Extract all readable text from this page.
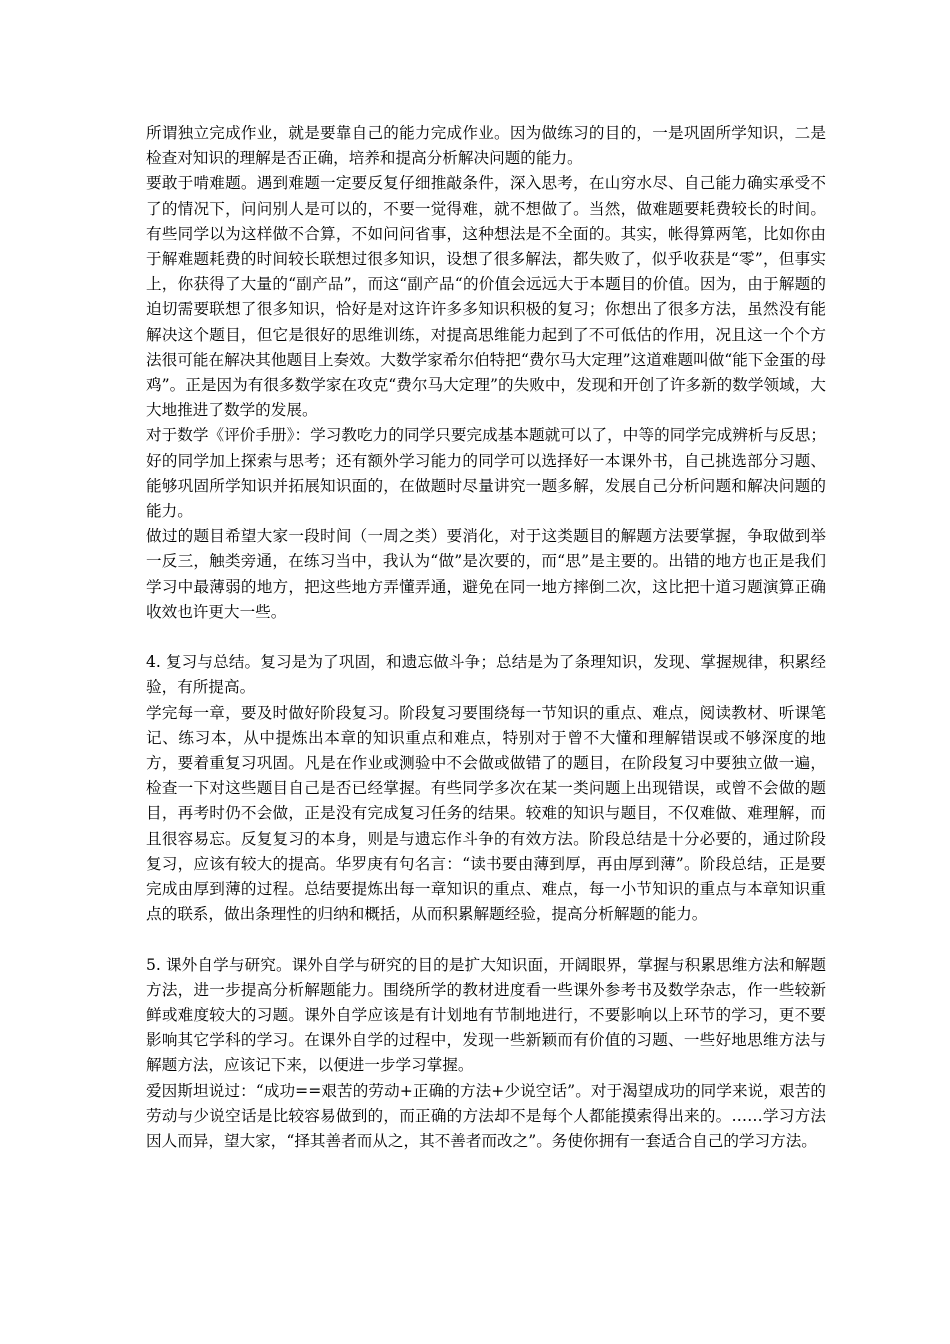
所谓独立完成作业，就是要靠自己的能力完成作业。因为做练习的目的，一是巩固所学知识，二是检查对知识的理解是否正确，培养和提高分析解决问题的能力。

要敢于啃难题。遇到难题一定要反复仔细推敲条件，深入思考，在山穷水尽、自己能力确实承受不了的情况下，问问别人是可以的，不要一觉得难，就不想做了。当然，做难题要耗费较长的时间。有些同学以为这样做不合算，不如问问省事，这种想法是不全面的。其实，帐得算两笔，比如你由于解难题耗费的时间较长联想过很多知识，设想了很多解法，都失败了，似乎收获是“零”，但事实上，你获得了大量的“副产品”，而这“副产品“的价值会远远大于本题目的价值。因为，由于解题的迫切需要联想了很多知识，恰好是对这许许多多知识积极的复习；你想出了很多方法，虽然没有能解决这个题目，但它是很好的思维训练，对提高思维能力起到了不可低估的作用，况且这一个个方法很可能在解决其他题目上奏效。大数学家希尔伯特把“费尔马大定理”这道难题叫做“能下金蛋的母鸡”。正是因为有很多数学家在攻克“费尔马大定理”的失败中，发现和开创了许多新的数学领域，大大地推进了数学的发展。

对于数学《评价手册》：学习教吃力的同学只要完成基本题就可以了，中等的同学完成辨析与反思；好的同学加上探索与思考；还有额外学习能力的同学可以选择好一本课外书，自己挑选部分习题、能够巩固所学知识并拓展知识面的，在做题时尽量讲究一题多解，发展自己分析问题和解决问题的能力。

做过的题目希望大家一段时间（一周之类）要消化，对于这类题目的解题方法要掌握，争取做到举一反三，触类旁通，在练习当中，我认为“做”是次要的，而“思”是主要的。出错的地方也正是我们学习中最薄弱的地方，把这些地方弄懂弄通，避免在同一地方摔倒二次，这比把十道习题演算正确收效也许更大一些。

4. 复习与总结。复习是为了巩固，和遗忘做斗争；总结是为了条理知识，发现、掌握规律，积累经验，有所提高。

学完每一章，要及时做好阶段复习。阶段复习要围绕每一节知识的重点、难点，阅读教材、听课笔记、练习本，从中提炼出本章的知识重点和难点，特别对于曾不大懂和理解错误或不够深度的地方，要着重复习巩固。凡是在作业或测验中不会做或做错了的题目，在阶段复习中要独立做一遍，检查一下对这些题目自己是否已经掌握。有些同学多次在某一类问题上出现错误，或曾不会做的题目，再考时仍不会做，正是没有完成复习任务的结果。较难的知识与题目，不仅难做、难理解，而且很容易忘。反复复习的本身，则是与遗忘作斗争的有效方法。阶段总结是十分必要的，通过阶段复习，应该有较大的提高。华罗庚有句名言：“读书要由薄到厚，再由厚到薄”。阶段总结，正是要完成由厚到薄的过程。总结要提炼出每一章知识的重点、难点，每一小节知识的重点与本章知识重点的联系，做出条理性的归纳和概括，从而积累解题经验，提高分析解题的能力。

5. 课外自学与研究。课外自学与研究的目的是扩大知识面，开阔眼界，掌握与积累思维方法和解题方法，进一步提高分析解题能力。围绕所学的教材进度看一些课外参考书及数学杂志，作一些较新鲜或难度较大的习题。课外自学应该是有计划地有节制地进行，不要影响以上环节的学习，更不要影响其它学科的学习。在课外自学的过程中，发现一些新颖而有价值的习题、一些好地思维方法与解题方法，应该记下来，以便进一步学习掌握。

爱因斯坦说过：“成功==艰苦的劳动+正确的方法+少说空话”。对于渴望成功的同学来说，艰苦的劳动与少说空话是比较容易做到的，而正确的方法却不是每个人都能摸索得出来的。……学习方法因人而异，望大家，“择其善者而从之，其不善者而改之”。务使你拥有一套适合自己的学习方法。
